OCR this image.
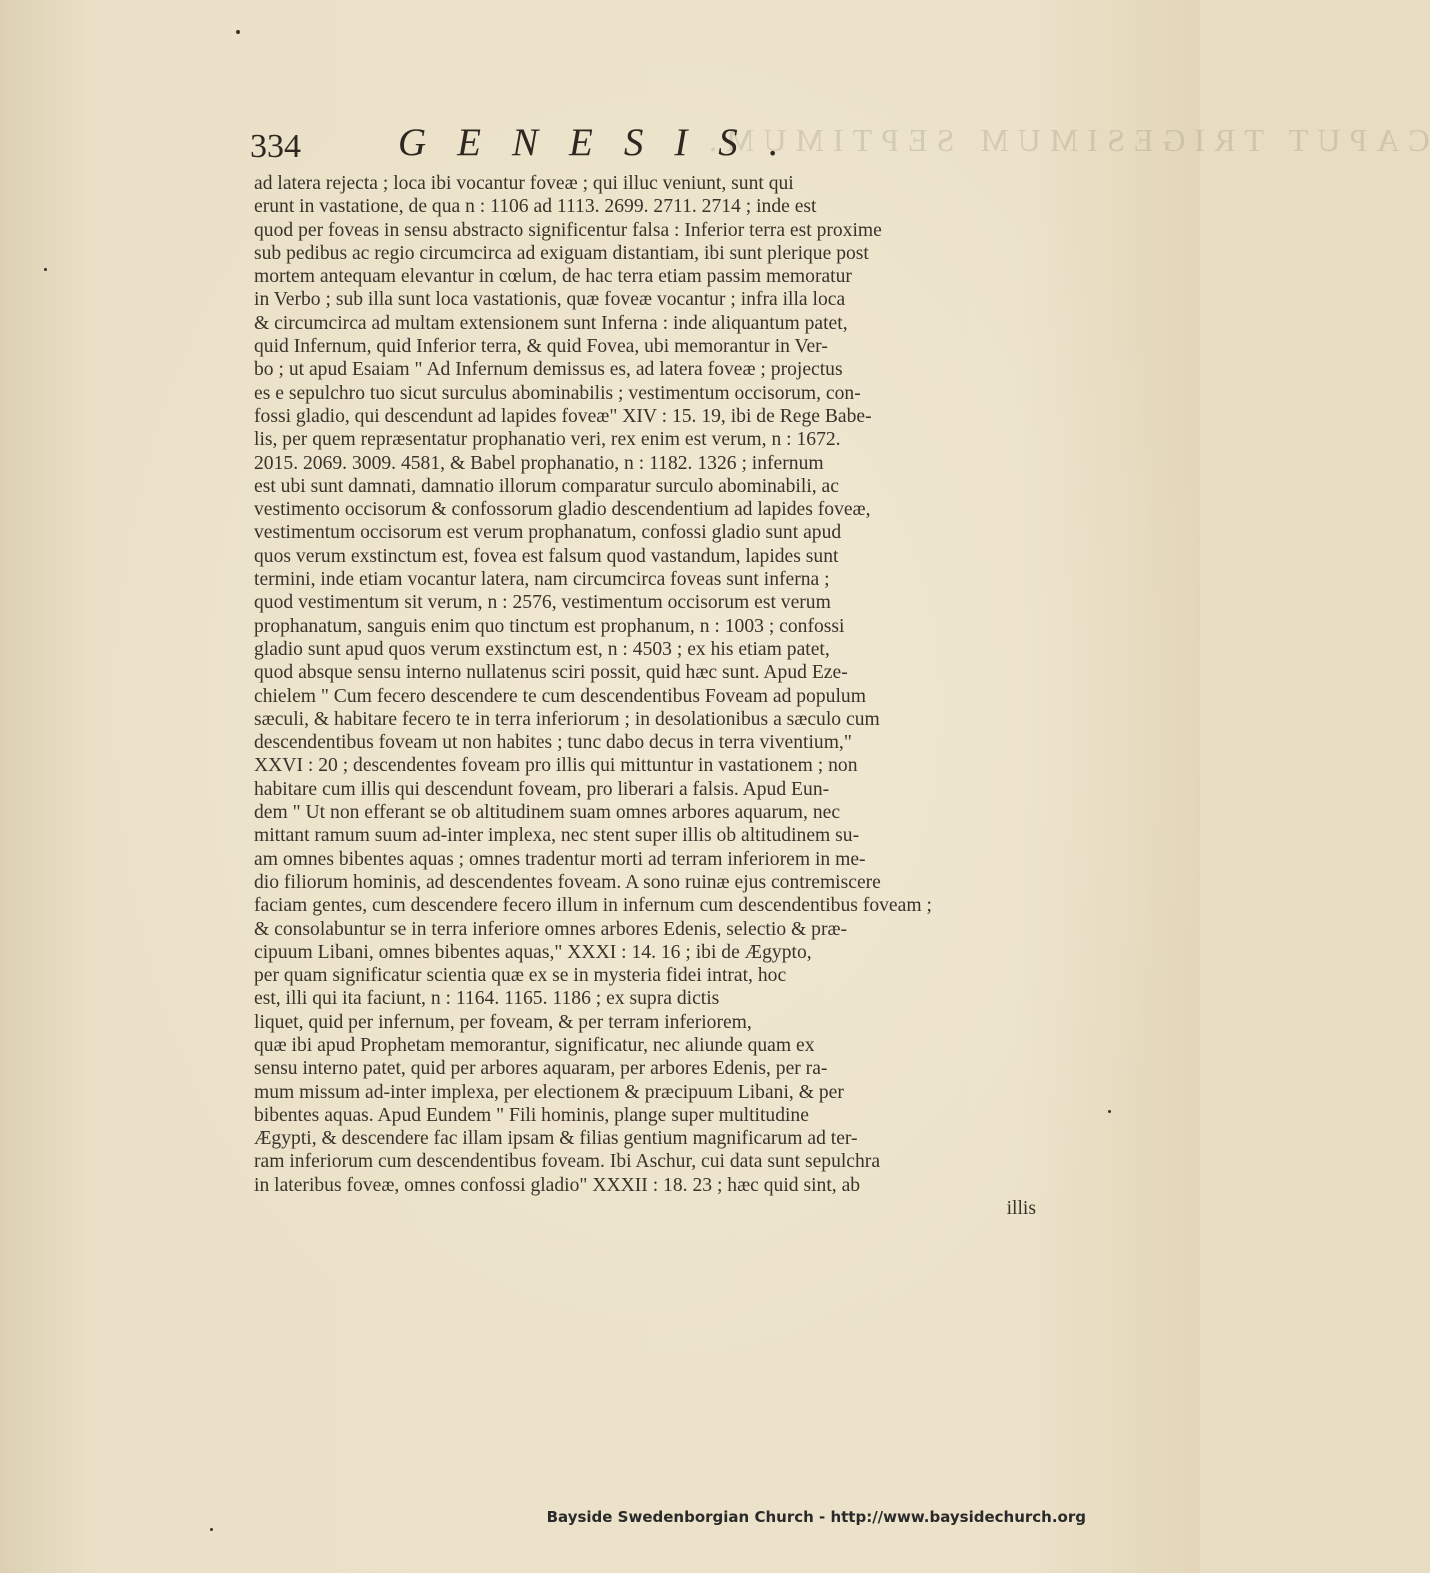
CAPUT TRIGESIMUM SEPTIMUM.
334 GENESIS.
ad latera rejecta ; loca ibi vocantur foveæ ; qui illuc veniunt, sunt qui
erunt in vastatione, de qua n : 1106 ad 1113. 2699. 2711. 2714 ; inde est
quod per foveas in sensu abstracto significentur falsa : Inferior terra est proxime
sub pedibus ac regio circumcirca ad exiguam distantiam, ibi sunt plerique post
mortem antequam elevantur in cœlum, de hac terra etiam passim memoratur
in Verbo ; sub illa sunt loca vastationis, quæ foveæ vocantur ; infra illa loca
& circumcirca ad multam extensionem sunt Inferna : inde aliquantum patet,
quid Infernum, quid Inferior terra, & quid Fovea, ubi memorantur in Ver-
bo ; ut apud Esaiam " Ad Infernum demissus es, ad latera foveæ ; projectus
es e sepulchro tuo sicut surculus abominabilis ; vestimentum occisorum, con-
fossi gladio, qui descendunt ad lapides foveæ" XIV : 15. 19, ibi de Rege Babe-
lis, per quem repræsentatur prophanatio veri, rex enim est verum, n : 1672.
2015. 2069. 3009. 4581, & Babel prophanatio, n : 1182. 1326 ; infernum
est ubi sunt damnati, damnatio illorum comparatur surculo abominabili, ac
vestimento occisorum & confossorum gladio descendentium ad lapides foveæ,
vestimentum occisorum est verum prophanatum, confossi gladio sunt apud
quos verum exstinctum est, fovea est falsum quod vastandum, lapides sunt
termini, inde etiam vocantur latera, nam circumcirca foveas sunt inferna ;
quod vestimentum sit verum, n : 2576, vestimentum occisorum est verum
prophanatum, sanguis enim quo tinctum est prophanum, n : 1003 ; confossi
gladio sunt apud quos verum exstinctum est, n : 4503 ; ex his etiam patet,
quod absque sensu interno nullatenus sciri possit, quid hæc sunt. Apud Eze-
chielem " Cum fecero descendere te cum descendentibus Foveam ad populum
sæculi, & habitare fecero te in terra inferiorum ; in desolationibus a sæculo cum
descendentibus foveam ut non habites ; tunc dabo decus in terra viventium,"
XXVI : 20 ; descendentes foveam pro illis qui mittuntur in vastationem ; non
habitare cum illis qui descendunt foveam, pro liberari a falsis. Apud Eun-
dem " Ut non efferant se ob altitudinem suam omnes arbores aquarum, nec
mittant ramum suum ad-inter implexa, nec stent super illis ob altitudinem su-
am omnes bibentes aquas ; omnes tradentur morti ad terram inferiorem in me-
dio filiorum hominis, ad descendentes foveam. A sono ruinæ ejus contremiscere
faciam gentes, cum descendere fecero illum in infernum cum descendentibus foveam ;
& consolabuntur se in terra inferiore omnes arbores Edenis, selectio & præ-
cipuum Libani, omnes bibentes aquas," XXXI : 14. 16 ; ibi de Ægypto,
per quam significatur scientia quæ ex se in mysteria fidei intrat, hoc
est, illi qui ita faciunt, n : 1164. 1165. 1186 ; ex supra dictis
liquet, quid per infernum, per foveam, & per terram inferiorem,
quæ ibi apud Prophetam memorantur, significatur, nec aliunde quam ex
sensu interno patet, quid per arbores aquaram, per arbores Edenis, per ra-
mum missum ad-inter implexa, per electionem & præcipuum Libani, & per
bibentes aquas. Apud Eundem " Fili hominis, plange super multitudine
Ægypti, & descendere fac illam ipsam & filias gentium magnificarum ad ter-
ram inferiorum cum descendentibus foveam. Ibi Aschur, cui data sunt sepulchra
in lateribus foveæ, omnes confossi gladio" XXXII : 18. 23 ; hæc quid sint, ab
illis
Bayside Swedenborgian Church - http://www.baysidechurch.org
